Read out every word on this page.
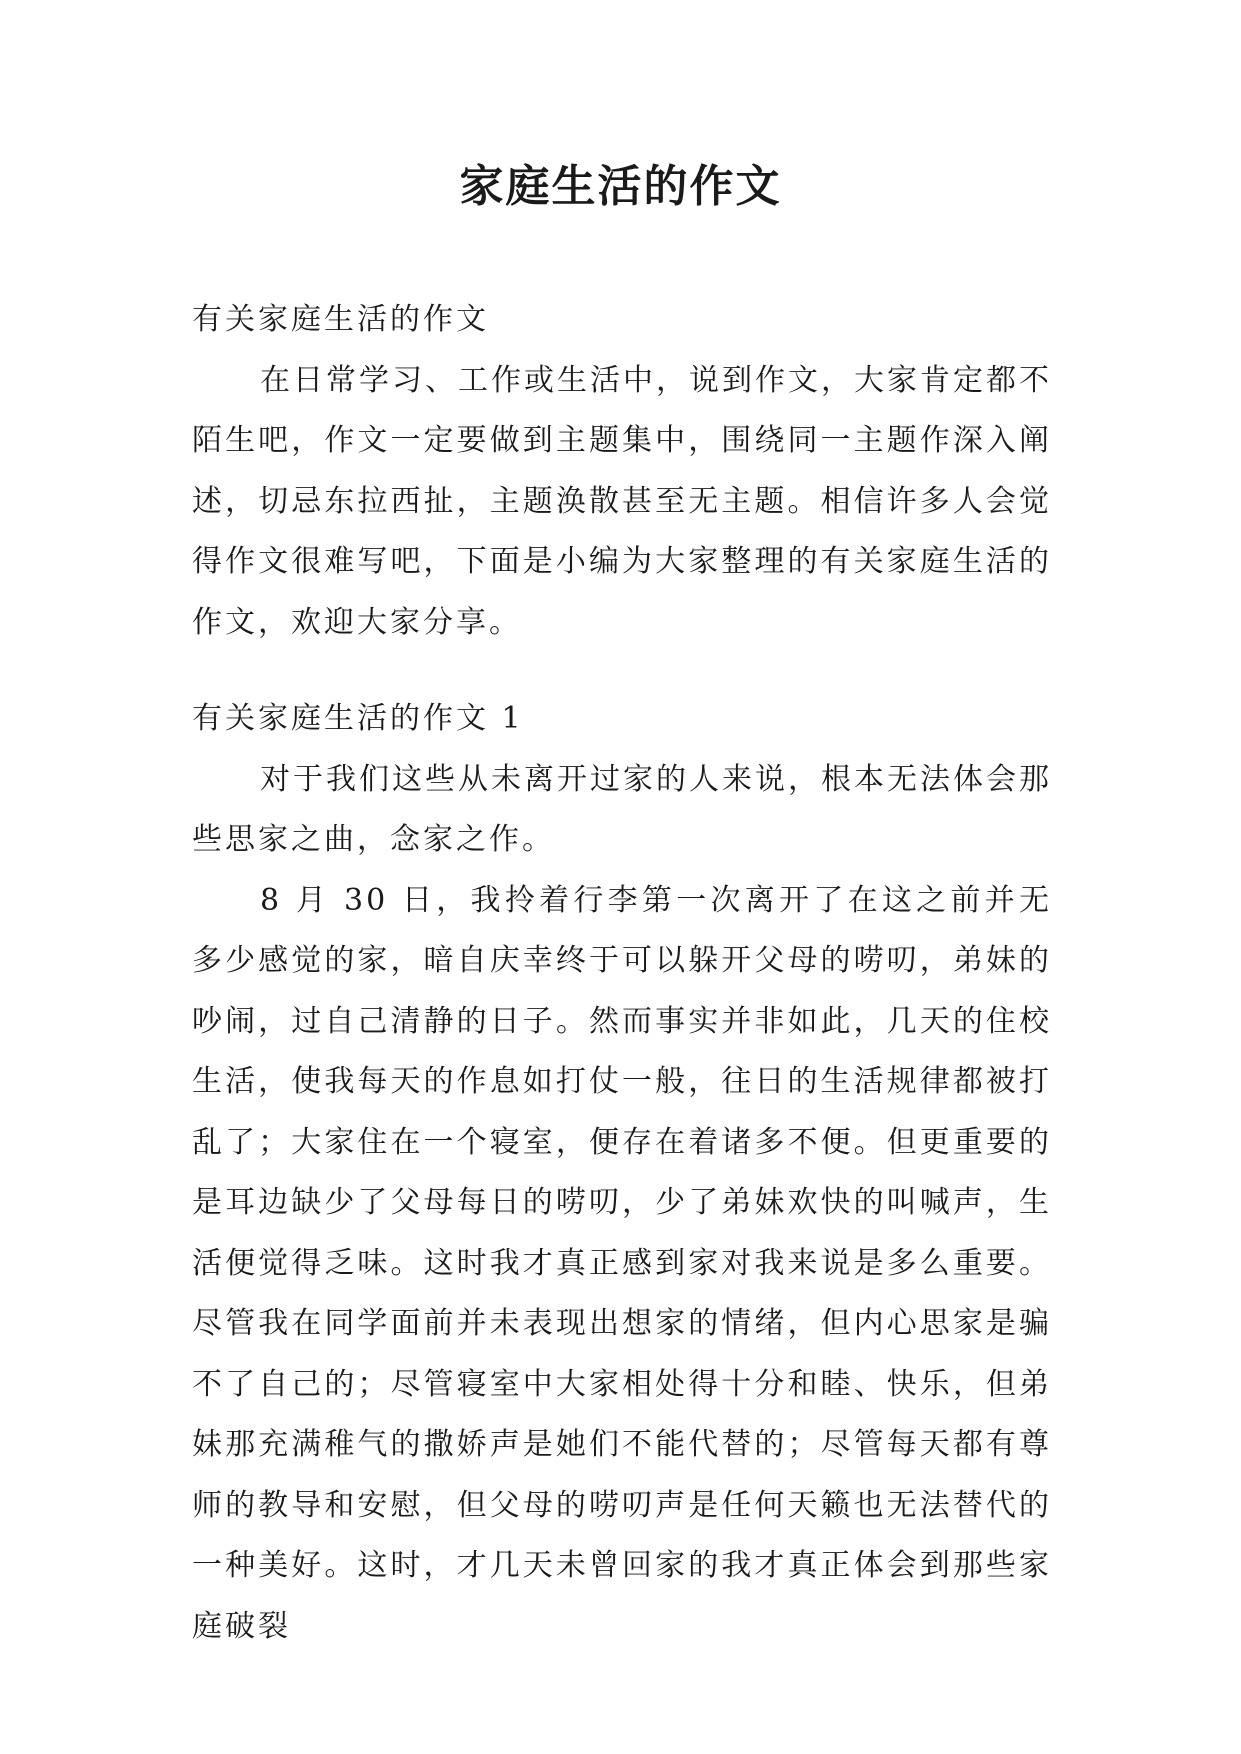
家庭生活的作文

有关家庭生活的作文

在日常学习、工作或生活中，说到作文，大家肯定都不陌生吧，作文一定要做到主题集中，围绕同一主题作深入阐述，切忌东拉西扯，主题涣散甚至无主题。相信许多人会觉得作文很难写吧，下面是小编为大家整理的有关家庭生活的作文，欢迎大家分享。

有关家庭生活的作文 1

对于我们这些从未离开过家的人来说，根本无法体会那些思家之曲，念家之作。

8 月 30 日，我拎着行李第一次离开了在这之前并无多少感觉的家，暗自庆幸终于可以躲开父母的唠叨，弟妹的吵闹，过自己清静的日子。然而事实并非如此，几天的住校生活，使我每天的作息如打仗一般，往日的生活规律都被打乱了；大家住在一个寝室，便存在着诸多不便。但更重要的是耳边缺少了父母每日的唠叨，少了弟妹欢快的叫喊声，生活便觉得乏味。这时我才真正感到家对我来说是多么重要。尽管我在同学面前并未表现出想家的情绪，但内心思家是骗不了自己的；尽管寝室中大家相处得十分和睦、快乐，但弟妹那充满稚气的撒娇声是她们不能代替的；尽管每天都有尊师的教导和安慰，但父母的唠叨声是任何天籁也无法替代的一种美好。这时，才几天未曾回家的我才真正体会到那些家庭破裂
